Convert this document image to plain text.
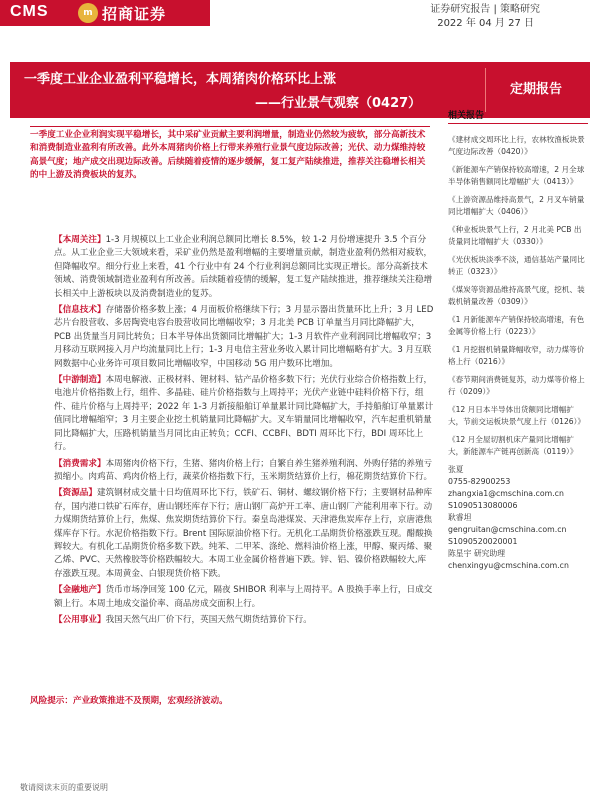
CMS	m 招商证券	证券研究报告 | 策略研究
2022 年 04 月 27 日
一季度工业企业盈利平稳增长，本周猪肉价格环比上涨
——行业景气观察（0427）
定期报告
一季度工业企业利润实现平稳增长，其中采矿业贡献主要利润增量，制造业仍然较为疲软，部分高新技术和消费制造业盈利有所改善。此外本周猪肉价格上行带来养殖行业景气度边际改善；光伏、动力煤维持较高景气度；地产成交出现边际改善。后续随着疫情的逐步缓解，复工复产陆续推进，推荐关注稳增长相关的中上游及消费板块的复苏。

【本周关注】1-3 月规模以上工业企业利润总额同比增长 8.5%，较 1-2 月份增速提升 3.5 个百分点。从工业企业三大领域来看，采矿业仍然是盈利增幅的主要增量贡献，制造业盈利仍然相对疲软，但降幅收窄。细分行业上来看，41 个行业中有 24 个行业利润总额同比实现正增长。部分高新技术领域、消费领域制造业盈利有所改善。后续随着疫情的缓解，复工复产陆续推进，推荐继续关注稳增长相关中上游板块以及消费制造业的复苏。

【信息技术】存储器价格多数上涨；4 月面板价格继续下行；3 月显示器出货量环比上升；3 月 LED 芯片台股营收、多居陶瓷电容台股营收同比增幅收窄；3 月北美 PCB 订单量当月同比降幅扩大，PCB 出货量当月同比转负；日本半导体出货额同比增幅扩大；1-3 月软件产业利润同比增幅收窄；3 月移动互联网接入月户均流量同比上行；1-3 月电信主营业务收入累计同比增幅略有扩大。3 月互联网数据中心业务许可项目数同比增幅收窄，中国移动 5G 用户数环比增加。

【中游制造】本周电解液、正极材料、锂材料、钴产品价格多数下行；光伏行业综合价格指数上行，电池片价格指数上行，组件、多晶硅、硅片价格指数与上周持平；光伏产业链中硅料价格下行，组件、硅片价格与上周持平；2022 年 1-3 月新接船舶订单量累计同比降幅扩大，手持船舶订单量累计值同比增幅缩窄；3 月主要企业挖土机销量同比降幅扩大。叉车销量同比增幅收窄，汽车起重机销量同比降幅扩大，压路机销量当月同比由正转负；CCFI、CCBFI、BDTI 周环比下行，BDI 周环比上行。

【消费需求】本周猪肉价格下行，生猪、猪肉价格上行；自繁自养生猪养殖利润、外购仔猪的养殖亏损缩小。肉鸡苗、鸡肉价格上行，蔬菜价格指数下行，玉米期货结算价上行，棉花期货结算价下行。

【资源品】建筑钢材成交量十日均值周环比下行，铁矿石、铜材、螺纹钢价格下行；主要钢材品种库存，国内港口铁矿石库存，唐山钢坯库存下行；唐山钢厂高炉开工率、唐山钢厂产能利用率下行。动力煤期货结算价上行，焦煤、焦炭期货结算价下行。秦皇岛港煤炭、天津港焦炭库存上行，京唐港焦煤库存下行。水泥价格指数下行。Brent 国际原油价格下行。无机化工品期货价格涨跌互现。醋酸换辉较大。有机化工品期货价格多数下跌。纯苯、二甲苯、涤纶、燃料油价格上涨，甲醇、聚丙烯、聚乙烯、PVC、天然橡胶等价格跌幅较大。本周工业金属价格普遍下跌。锌、铝、镍价格跌幅较大,库存涨跌互现。本周黄金、白银现货价格下跌。

【金融地产】货币市场净回笼 100 亿元，隔夜 SHIBOR 利率与上周持平。A 股换手率上行，日成交额上行。本周土地成交溢价率、商品房成交面积上行。

【公用事业】我国天然气出厂价下行，英国天然气期货结算价下行。

风险提示：产业政策推进不及预期，宏观经济波动。
相关报告
《建材成交周环比上行，农林牧渔板块景气度边际改善（0420）》
《新能源车产销保持较高增速，2 月全球半导体销售额同比增幅扩大（0413）》
《上游资源品维持高景气，2 月叉车销量同比增幅扩大（0406）》
《种业板块景气上行，2 月北美 PCB 出货量同比增幅扩大（0330）》
《光伏板块淡季不淡，通信基站产量同比转正（0323）》
《煤炭等资源品维持高景气度，挖机、装载机销量改善（0309）》
《1 月新能源车产销保持较高增速，有色金属等价格上行（0223）》
《1 月挖掘机销量降幅收窄，动力煤等价格上行（0216）》
《春节期间消费链复苏，动力煤等价格上行（0209）》
《12 月日本半导体出货额同比增幅扩大，节前交运板块景气度上行（0126）》
《12 月全屋切割机床产量同比增幅扩大，新能源车产链再创新高（0119）》
张夏
0755-82900253
zhangxia1@cmschina.com.cn
S1090513080006
耿睿坦
gengruitan@cmschina.com.cn
S1090520020001
陈星宇 研究助理
chenxingyu@cmschina.com.cn
敬请阅读末页的重要说明
